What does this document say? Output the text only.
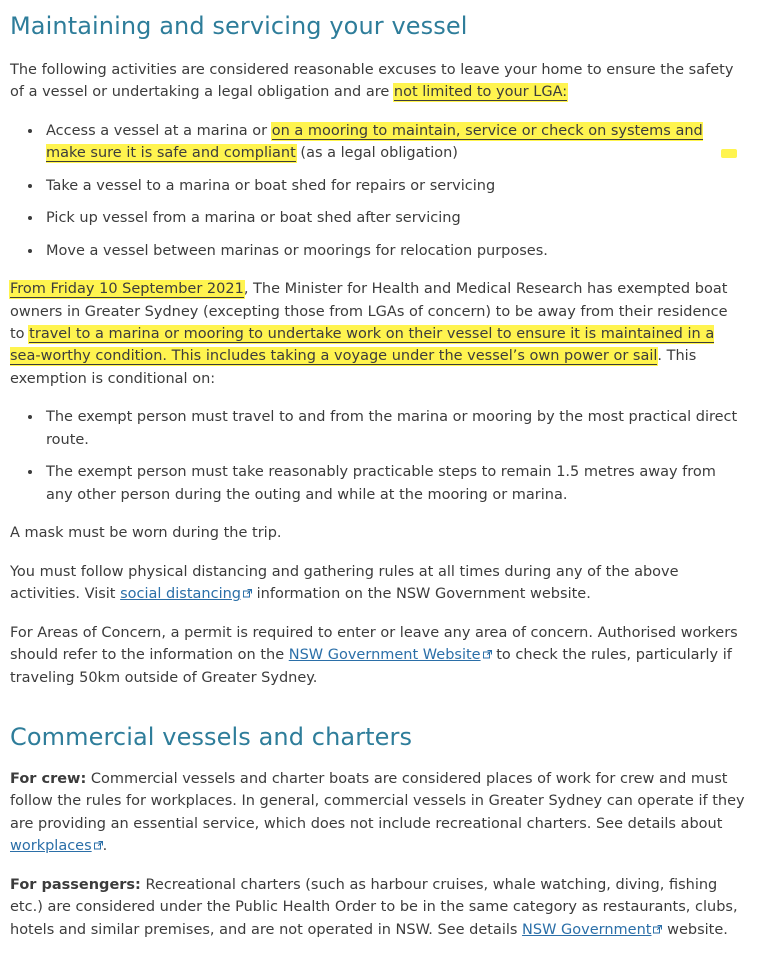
Maintaining and servicing your vessel

The following activities are considered reasonable excuses to leave your home to ensure the safety of a vessel or undertaking a legal obligation and are not limited to your LGA:

Access a vessel at a marina or on a mooring to maintain, service or check on systems and make sure it is safe and compliant (as a legal obligation)
Take a vessel to a marina or boat shed for repairs or servicing
Pick up vessel from a marina or boat shed after servicing
Move a vessel between marinas or moorings for relocation purposes.

From Friday 10 September 2021, The Minister for Health and Medical Research has exempted boat owners in Greater Sydney (excepting those from LGAs of concern) to be away from their residence to travel to a marina or mooring to undertake work on their vessel to ensure it is maintained in a sea-worthy condition. This includes taking a voyage under the vessel’s own power or sail. This exemption is conditional on:

The exempt person must travel to and from the marina or mooring by the most practical direct route.
The exempt person must take reasonably practicable steps to remain 1.5 metres away from any other person during the outing and while at the mooring or marina.

A mask must be worn during the trip.

You must follow physical distancing and gathering rules at all times during any of the above activities. Visit social distancing
information on the NSW Government website.

For Areas of Concern, a permit is required to enter or leave any area of concern. Authorised workers should refer to the information on the NSW Government Website
to check the rules, particularly if traveling 50km outside of Greater Sydney.

Commercial vessels and charters

For crew: Commercial vessels and charter boats are considered places of work for crew and must follow the rules for workplaces. In general, commercial vessels in Greater Sydney can operate if they are providing an essential service, which does not include recreational charters. See details about workplaces .

For passengers: Recreational charters (such as harbour cruises, whale watching, diving, fishing etc.) are considered under the Public Health Order to be in the same category as restaurants, clubs, hotels and similar premises, and are not operated in NSW. See details NSW Government
website.
